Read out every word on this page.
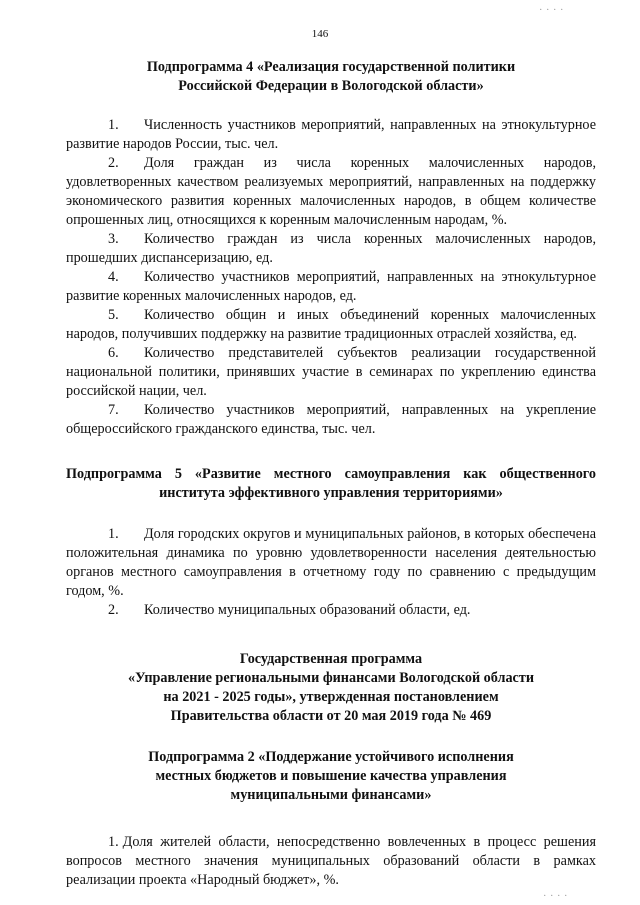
. . . .
146
Подпрограмма 4 «Реализация государственной политики
Российской Федерации в Вологодской области»

1. Численность участников мероприятий, направленных на этнокультурное развитие народов России, тыс. чел.

2. Доля граждан из числа коренных малочисленных народов, удовлетворенных качеством реализуемых мероприятий, направленных на поддержку экономического развития коренных малочисленных народов, в общем количестве опрошенных лиц, относящихся к коренным малочисленным народам, %.

3. Количество граждан из числа коренных малочисленных народов, прошедших диспансеризацию, ед.

4. Количество участников мероприятий, направленных на этнокультурное развитие коренных малочисленных народов, ед.

5. Количество общин и иных объединений коренных малочисленных народов, получивших поддержку на развитие традиционных отраслей хозяйства, ед.

6. Количество представителей субъектов реализации государственной национальной политики, принявших участие в семинарах по укреплению единства российской нации, чел.

7. Количество участников мероприятий, направленных на укрепление общероссийского гражданского единства, тыс. чел.

Подпрограмма 5 «Развитие местного самоуправления как общественного института эффективного управления территориями»

1. Доля городских округов и муниципальных районов, в которых обеспечена положительная динамика по уровню удовлетворенности населения деятельностью органов местного самоуправления в отчетному году по сравнению с предыдущим годом, %.

2. Количество муниципальных образований области, ед.

Государственная программа
«Управление региональными финансами Вологодской области
на 2021 - 2025 годы», утвержденная постановлением
Правительства области от 20 мая 2019 года № 469
Подпрограмма 2 «Поддержание устойчивого исполнения
местных бюджетов и повышение качества управления
муниципальными финансами»

1. Доля жителей области, непосредственно вовлеченных в процесс решения вопросов местного значения муниципальных образований области в рамках реализации проекта «Народный бюджет», %.

. . . .
